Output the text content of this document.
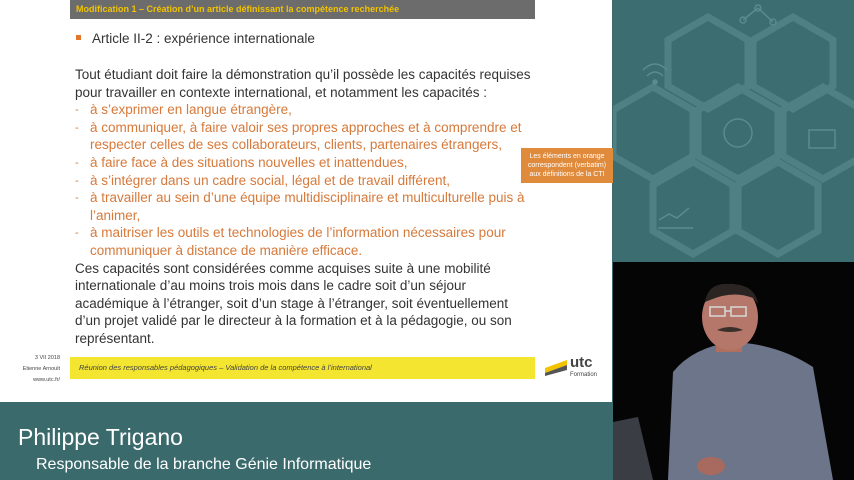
Modification 1 – Création d’un article définissant la compétence recherchée
Article II-2 : expérience internationale

Tout étudiant doit faire la démonstration qu’il possède les capacités requises pour travailler en contexte international, et notamment les capacités :

- à s’exprimer en langue étrangère,
- à communiquer, à faire valoir ses propres approches et à comprendre et respecter celles de ses collaborateurs, clients, partenaires étrangers,
- à faire face à des situations nouvelles et inattendues,
- à s’intégrer dans un cadre social, légal et de travail différent,
- à travailler au sein d’une équipe multidisciplinaire et multiculturelle puis à l’animer,
- à maitriser les outils et technologies de l’information nécessaires pour communiquer à distance de manière efficace.

Ces capacités sont considérées comme acquises suite à une mobilité internationale d’au moins trois mois dans le cadre soit d’un séjour académique à l’étranger, soit d’un stage à l’étranger, soit éventuellement d’un projet validé par le directeur à la formation et à la pédagogie, ou son représentant.

Les éléments en orange
correspondent (verbatim)
aux définitions de la CTI
3 VII 2018
Etienne Arnoult
www.utc.fr/
Réunion des responsables pédagogiques – Validation de la compétence à l’international	utc
Formation
Philippe Trigano
Responsable de la branche Génie Informatique
